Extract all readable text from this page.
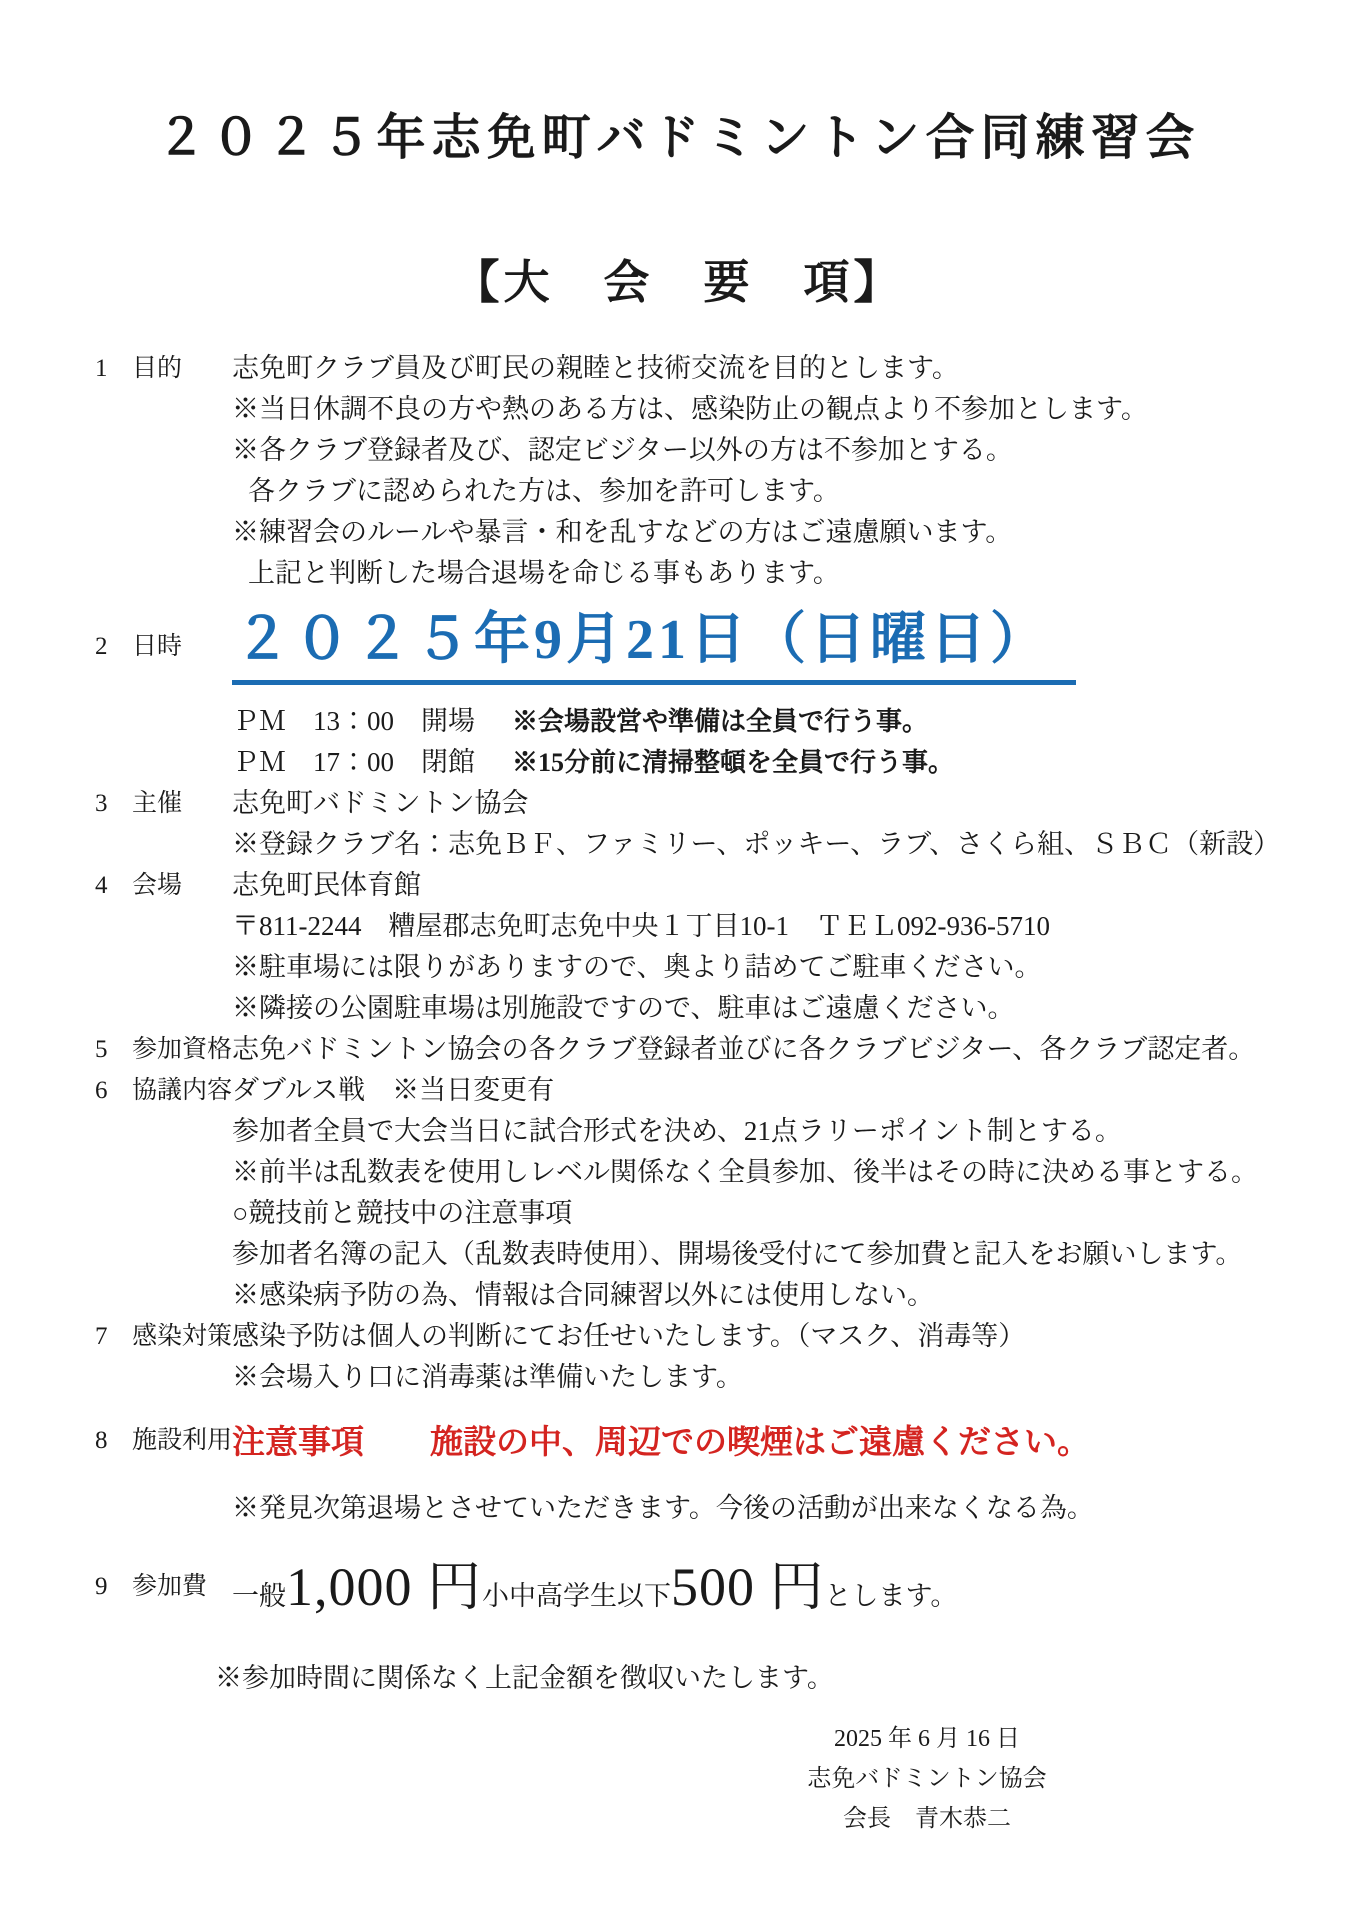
２０２５年志免町バドミントン合同練習会
【大　会　要　項】
1 目的	志免町クラブ員及び町民の親睦と技術交流を目的とします。
※当日休調不良の方や熱のある方は、感染防止の観点より不参加とします。
※各クラブ登録者及び、認定ビジター以外の方は不参加とする。
各クラブに認められた方は、参加を許可します。
※練習会のルールや暴言・和を乱すなどの方はご遠慮願います。
上記と判断した場合退場を命じる事もあります。
2 日時 ２０２５年9月21日（日曜日）
ＰＭ　13：00　開場	※会場設営や準備は全員で行う事。
ＰＭ　17：00　閉館	※15分前に清掃整頓を全員で行う事。
3 主催	志免町バドミントン協会
※登録クラブ名：志免ＢＦ、ファミリー、ポッキー、ラブ、さくら組、ＳＢＣ（新設）
4 会場	志免町民体育館
〒811-2244　糟屋郡志免町志免中央１丁目10-1　ＴＥＬ092-936-5710
※駐車場には限りがありますので、奥より詰めてご駐車ください。
※隣接の公園駐車場は別施設ですので、駐車はご遠慮ください。
5 参加資格 志免バドミントン協会の各クラブ登録者並びに各クラブビジター、各クラブ認定者。
6 協議内容 ダブルス戦　※当日変更有
参加者全員で大会当日に試合形式を決め、21点ラリーポイント制とする。
※前半は乱数表を使用しレベル関係なく全員参加、後半はその時に決める事とする。
○競技前と競技中の注意事項
参加者名簿の記入（乱数表時使用）、開場後受付にて参加費と記入をお願いします。
※感染病予防の為、情報は合同練習以外には使用しない。
7 感染対策 感染予防は個人の判断にてお任せいたします。（マスク、消毒等）
※会場入り口に消毒薬は準備いたします。
8 施設利用 注意事項　　施設の中、周辺での喫煙はご遠慮ください。
※発見次第退場とさせていただきます。今後の活動が出来なくなる為。
9 参加費 一般 1,000 円 小中高学生以下 500 円 とします。
※参加時間に関係なく上記金額を徴収いたします。
2025 年 6 月 16 日
志免バドミントン協会
会長　青木恭二
